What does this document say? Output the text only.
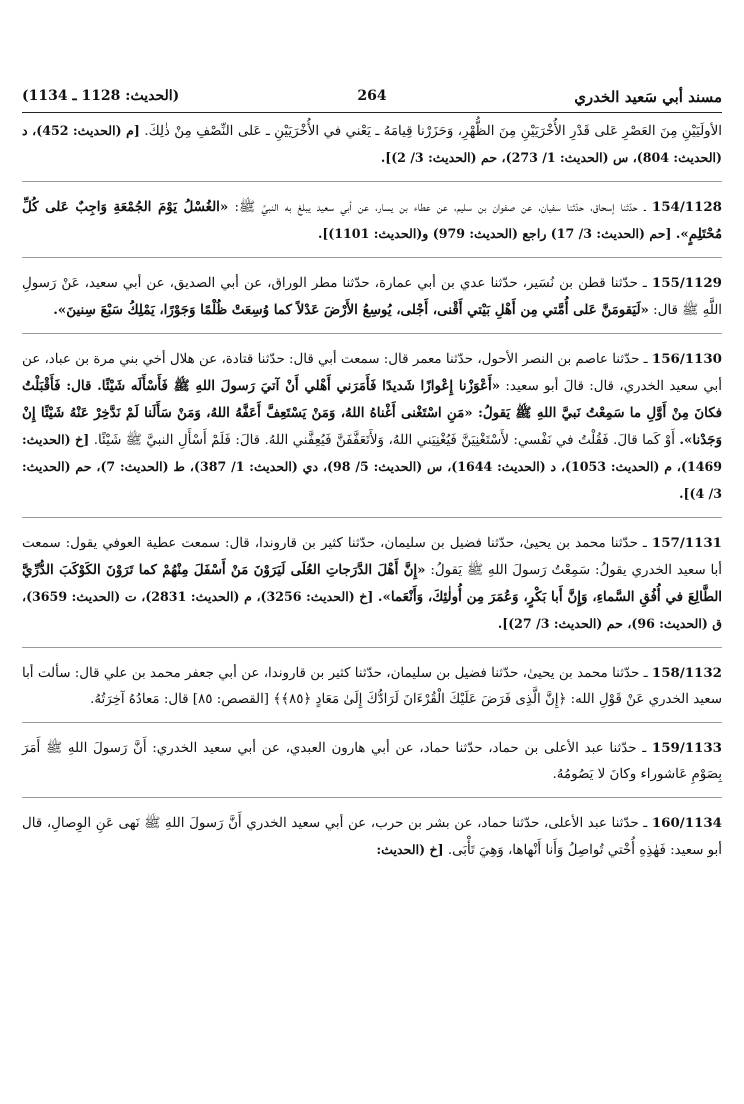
مسند أبي سَعيد الخدري
264
(الحديث: 1128 ـ 1134)

الأولَيَيْنِ مِنَ العَصْرِ عَلى قَدْرِ الأُخْرَيَيْنِ مِنَ الظُّهْرِ، وَحَزَرْنا قِيامَهُ ـ يَعْني في الأُخْرَيَيْنِ ـ عَلى النِّصْفِ مِنْ ذٰلِكَ. [م (الحديث: 452)، د (الحديث: 804)، س (الحديث: 1/ 273)، حم (الحديث: 3/ 2)].

154/1128 ـ حدّثنا إسحاق، حدّثنا سفيان، عن صفوان بن سليم، عن عطاء بن يسار، عن أبي سعيد يبلغ به النبيَّ ﷺ: «الغُسْلُ يَوْمَ الجُمْعَةِ وَاجِبٌ عَلى كُلِّ مُحْتَلِمٍ». [حم (الحديث: 3/ 17) راجع (الحديث: 979) و(الحديث: 1101)].

155/1129 ـ حدّثنا قطن بن نُسَير، حدّثنا عدي بن أبي عمارة، حدّثنا مطر الوراق، عن أبي الصديق، عن أبي سعيد، عَنْ رَسولِ اللَّهِ ﷺ قال: «لَيَقومَنَّ عَلى أُمَّتي مِن أَهْلِ بَيْتي أَقْنى، أَجْلى، يُوسِعُ الأَرْضَ عَدْلاً كما وُسِعَتْ ظُلْمًا وَجَوْرًا، يَمْلِكُ سَبْعَ سِنينَ».

156/1130 ـ حدّثنا عاصم بن النصر الأحول، حدّثنا معمر قال: سمعت أبي قال: حدّثنا قتادة، عن هلال أخي بني مرة بن عباد، عن أبي سعيد الخدري، قال: قالَ أبو سعيد: «أَعْوَزْنا إِعْوازًا شَديدًا فَأَمَرَني أَهْلي أَنْ آتيَ رَسولَ اللهِ ﷺ فَأَسْأَلَه شَيْئًا. قال: فَأَقْبَلْتُ فكانَ مِنْ أَوَّلِ ما سَمِعْتُ نَبيَّ اللهِ ﷺ يَقولُ: «مَنِ اسْتَغْنى أَغْناهُ اللهُ، وَمَنْ يَسْتَعِفَّ أَعَفَّهُ اللهُ، وَمَنْ سَأَلَنا لَمْ نَدَّخِرْ عَنْهُ شَيْئًا إِنْ وَجَدْنا». أَوْ كَما قالَ. فَقُلْتُ في نَفْسي: لأَسْتَغْنِيَنَّ فَيُغْنِيَني اللهُ، وَلأَتَعَفَّفَنَّ فَيُعِفَّني اللهُ. قالَ: فَلَمْ أَسْأَلِ النبيَّ ﷺ شَيْئًا. [خ (الحديث: 1469)، م (الحديث: 1053)، د (الحديث: 1644)، س (الحديث: 5/ 98)، دي (الحديث: 1/ 387)، ط (الحديث: 7)، حم (الحديث: 3/ 4)].

157/1131 ـ حدّثنا محمد بن يحيىٰ، حدّثنا فضيل بن سليمان، حدّثنا كثير بن قاروندا، قال: سمعت عطية العوفي يقول: سمعت أبا سعيد الخدري يقولُ: سَمِعْتُ رَسولَ اللهِ ﷺ يَقولُ: «إِنَّ أَهْلَ الدَّرَجاتِ العُلَى لَيَرَوْنَ مَنْ أَسْفَلَ مِنْهُمْ كما تَرَوْنَ الكَوْكَبَ الدُّرِّيَّ الطَّالِعَ في أُفُقِ السَّماءِ، وَإِنَّ أَبا بَكْرٍ، وَعُمَرَ مِن أُولٰئِكَ، وَأَنْعَما». [خ (الحديث: 3256)، م (الحديث: 2831)، ت (الحديث: 3659)، ق (الحديث: 96)، حم (الحديث: 3/ 27)].

158/1132 ـ حدّثنا محمد بن يحيىٰ، حدّثنا فضيل بن سليمان، حدّثنا كثير بن قاروندا، عن أبي جعفر محمد بن علي قال: سألت أبا سعيد الخدري عَنْ قَوْلِ الله: ﴿إِنَّ الَّذِى فَرَضَ عَلَيْكَ الْقُرْءَانَ لَرَادُّكَ إِلَىٰ مَعَادٍ ﴿٨٥﴾﴾ [القصص: ٨٥] قال: مَعادُهُ آخِرَتُهُ.

159/1133 ـ حدّثنا عبد الأعلى بن حماد، حدّثنا حماد، عن أبي هارون العبدي، عن أبي سعيد الخدري: أَنَّ رَسولَ اللهِ ﷺ أَمَرَ بِصَوْمِ عَاشوراء وكانَ لا يَصُومُهُ.

160/1134 ـ حدّثنا عبد الأعلى، حدّثنا حماد، عن بشر بن حرب، عن أبي سعيد الخدري أَنَّ رَسولَ اللهِ ﷺ نَهى عَنِ الوِصالِ، قال أبو سعيد: فَهٰذِهِ أُخْتي تُواصِلُ وَأَنا أَنْهاها، وَهِيَ تَأْبَى. [خ (الحديث:
